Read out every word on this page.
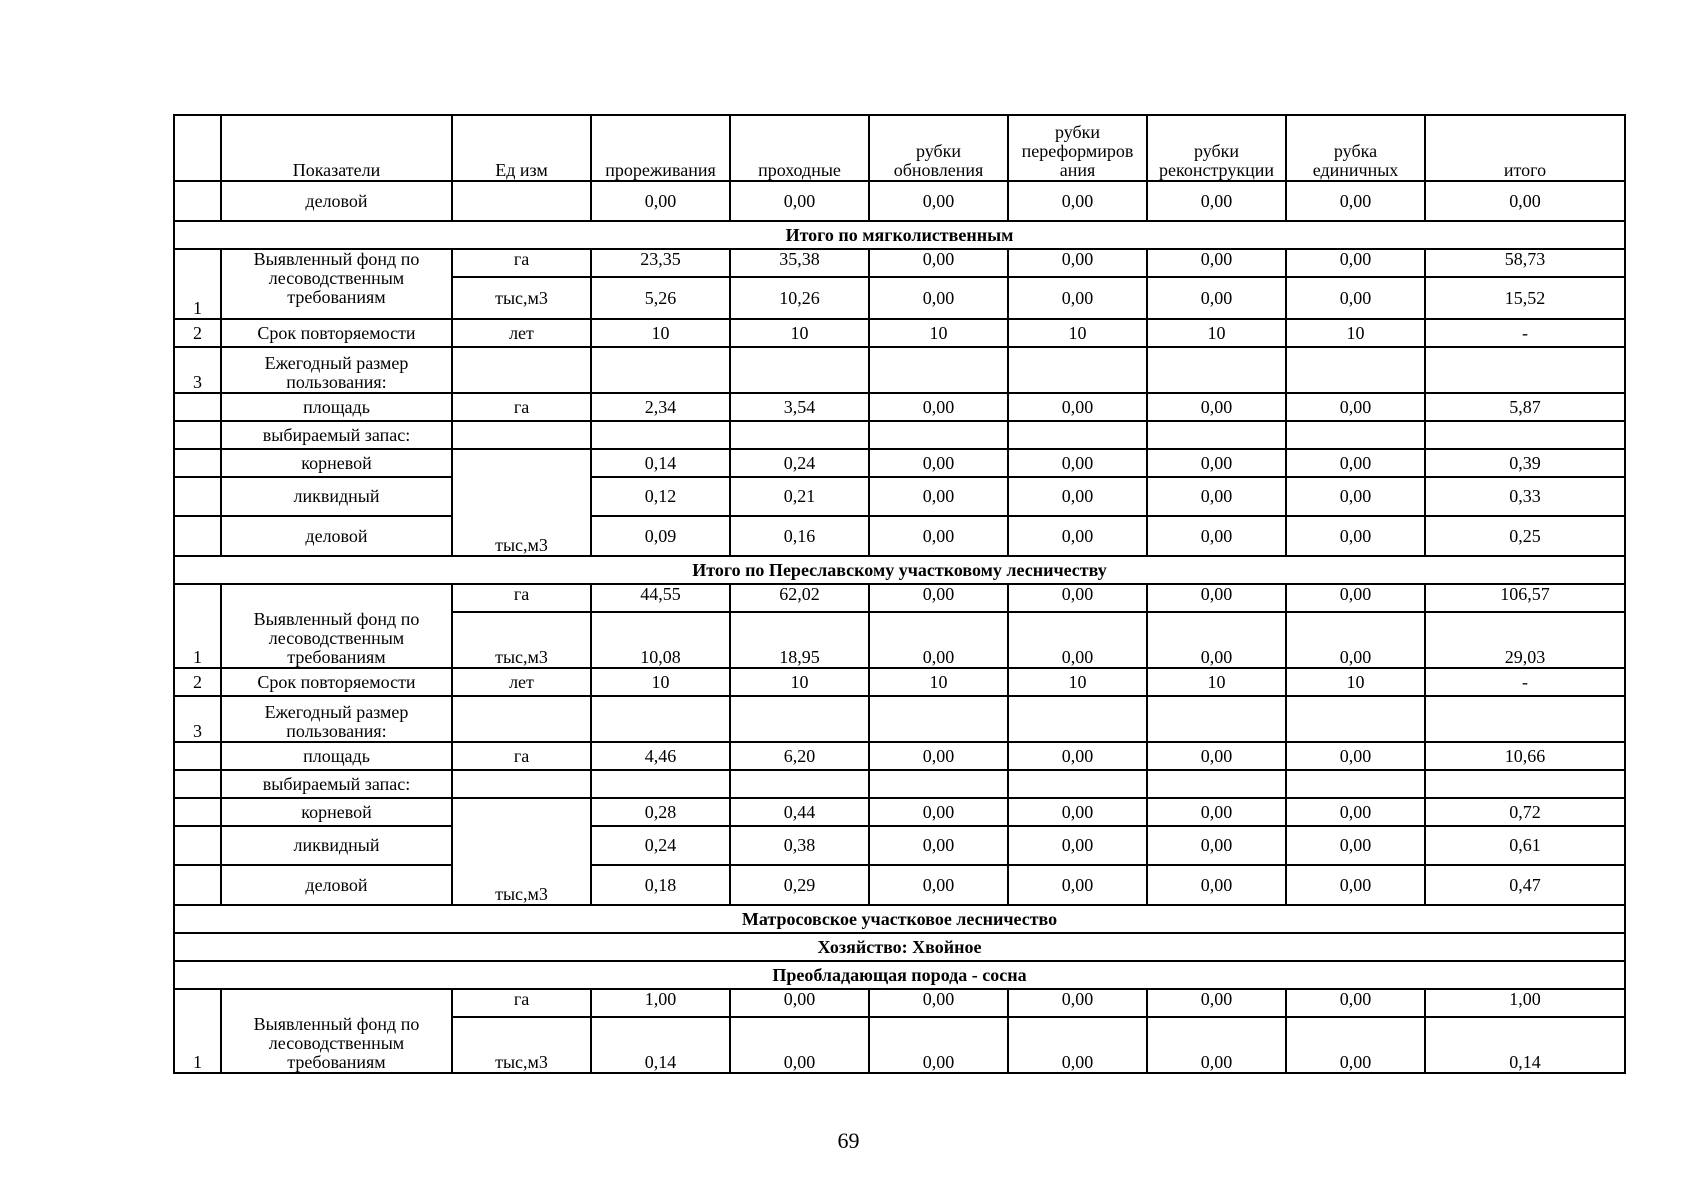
	Показатели	Ед изм	прореживания	проходные	рубки обновления	рубки переформиров ания	рубки реконструкции	рубка единичных	итого
	деловой		0,00	0,00	0,00	0,00	0,00	0,00	0,00
Итого по мягколиственным									
1	Выявленный фонд по лесоводственным требованиям	га	23,35	35,38	0,00	0,00	0,00	0,00	58,73
		тыс,м3	5,26	10,26	0,00	0,00	0,00	0,00	15,52
2	Срок повторяемости	лет	10	10	10	10	10	10	-
3	Ежегодный размер пользования:								
	площадь	га	2,34	3,54	0,00	0,00	0,00	0,00	5,87
	выбираемый запас:								
	корневой	тыс,м3	0,14	0,24	0,00	0,00	0,00	0,00	0,39
	ликвидный		0,12	0,21	0,00	0,00	0,00	0,00	0,33
	деловой		0,09	0,16	0,00	0,00	0,00	0,00	0,25
Итого по Переславскому участковому лесничеству									
1	Выявленный фонд по лесоводственным требованиям	га	44,55	62,02	0,00	0,00	0,00	0,00	106,57
		тыс,м3	10,08	18,95	0,00	0,00	0,00	0,00	29,03
2	Срок повторяемости	лет	10	10	10	10	10	10	-
3	Ежегодный размер пользования:								
	площадь	га	4,46	6,20	0,00	0,00	0,00	0,00	10,66
	выбираемый запас:								
	корневой	тыс,м3	0,28	0,44	0,00	0,00	0,00	0,00	0,72
	ликвидный		0,24	0,38	0,00	0,00	0,00	0,00	0,61
	деловой		0,18	0,29	0,00	0,00	0,00	0,00	0,47
Матросовское участковое лесничество									
Хозяйство: Хвойное									
Преобладающая порода - сосна									
1	Выявленный фонд по лесоводственным требованиям	га	1,00	0,00	0,00	0,00	0,00	0,00	1,00
		тыс,м3	0,14	0,00	0,00	0,00	0,00	0,00	0,14
69
